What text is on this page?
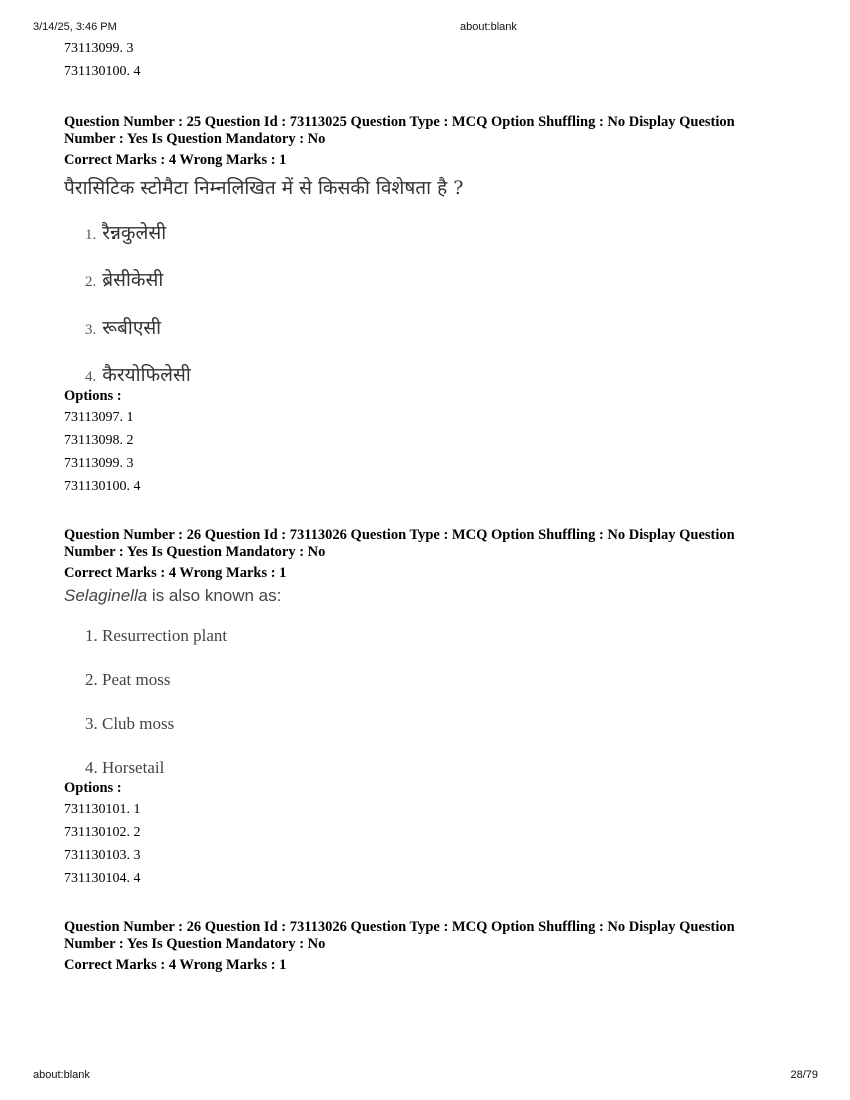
3/14/25, 3:46 PM	about:blank
about:blank	28/79
73113099. 3
731130100. 4
Question Number : 25 Question Id : 73113025 Question Type : MCQ Option Shuffling : No Display Question
Number : Yes Is Question Mandatory : No
Correct Marks : 4 Wrong Marks : 1
पैरासिटिक स्टोमैटा निम्नलिखित में से किसकी विशेषता है ?
1. रैन्नकुलेसी
2. ब्रेसीकेसी
3. रूबीएसी
4. कैरयोफिलेसी
Options :
73113097. 1
73113098. 2
73113099. 3
731130100. 4
Question Number : 26 Question Id : 73113026 Question Type : MCQ Option Shuffling : No Display Question
Number : Yes Is Question Mandatory : No
Correct Marks : 4 Wrong Marks : 1
Selaginella is also known as:
1. Resurrection plant
2. Peat moss
3. Club moss
4. Horsetail
Options :
731130101. 1
731130102. 2
731130103. 3
731130104. 4
Question Number : 26 Question Id : 73113026 Question Type : MCQ Option Shuffling : No Display Question
Number : Yes Is Question Mandatory : No
Correct Marks : 4 Wrong Marks : 1
